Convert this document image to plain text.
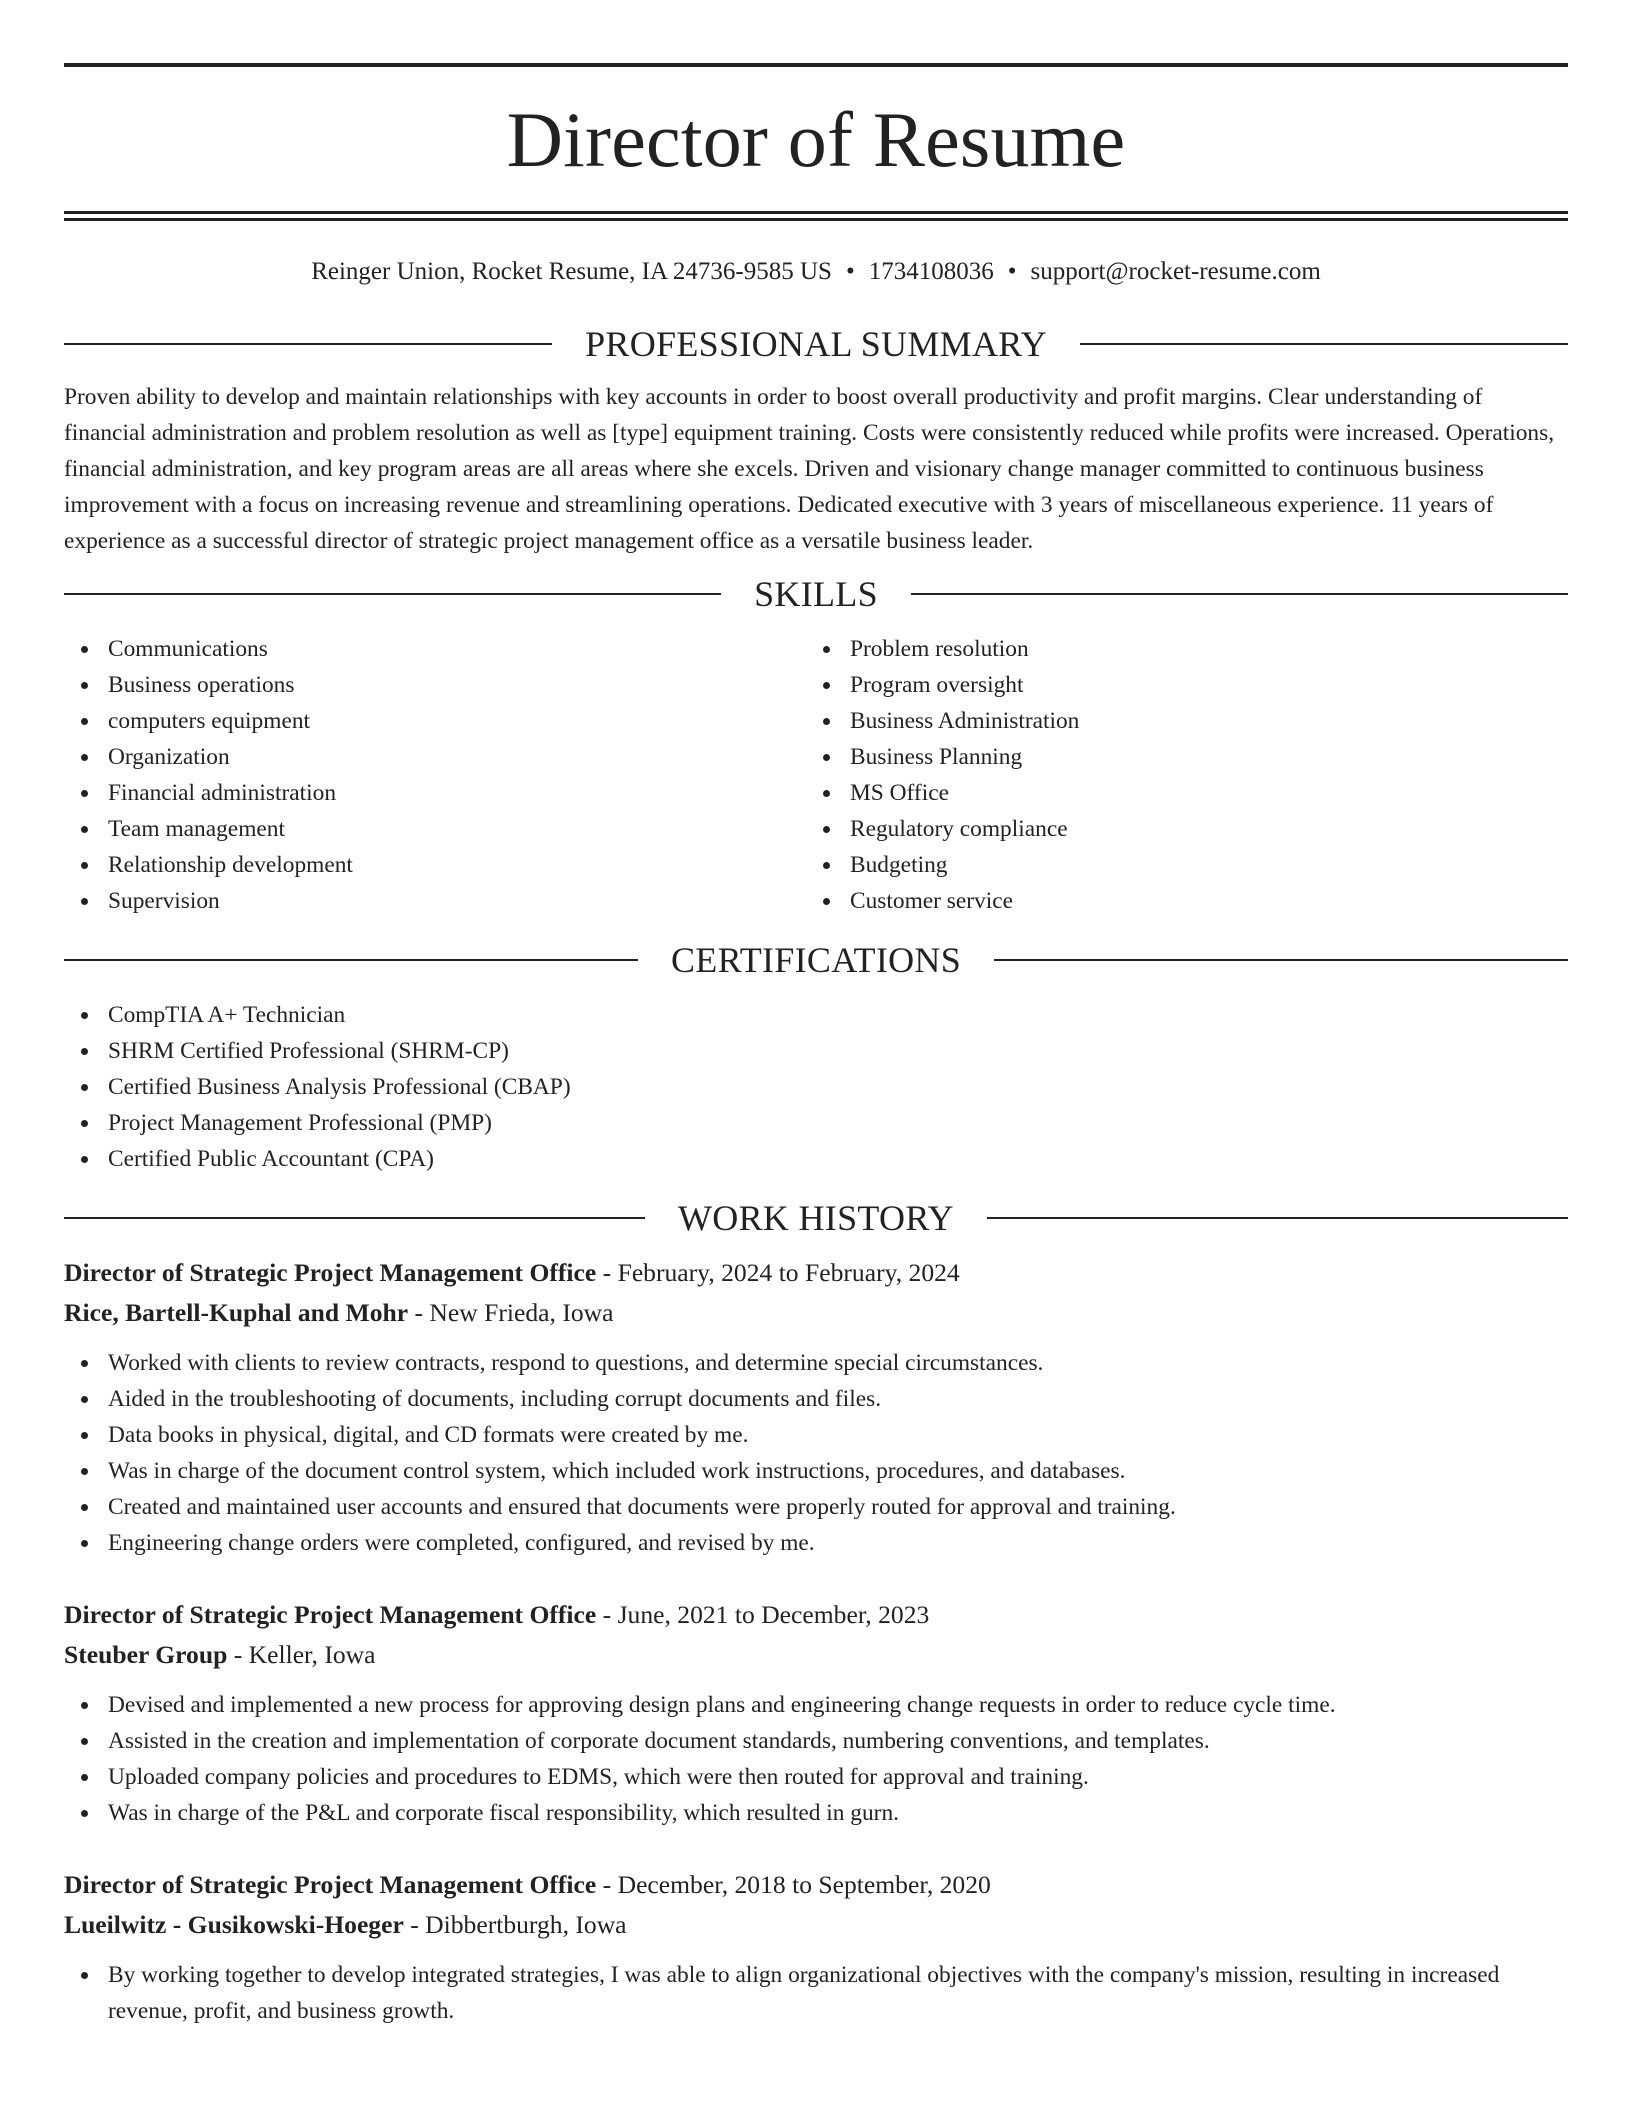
Director of Resume
Reinger Union, Rocket Resume, IA 24736-9585 US • 1734108036 • support@rocket-resume.com
PROFESSIONAL SUMMARY

Proven ability to develop and maintain relationships with key accounts in order to boost overall productivity and profit margins. Clear understanding of financial administration and problem resolution as well as [type] equipment training. Costs were consistently reduced while profits were increased. Operations, financial administration, and key program areas are all areas where she excels. Driven and visionary change manager committed to continuous business improvement with a focus on increasing revenue and streamlining operations. Dedicated executive with 3 years of miscellaneous experience. 11 years of experience as a successful director of strategic project management office as a versatile business leader.

SKILLS
Communications
Business operations
computers equipment
Organization
Financial administration
Team management
Relationship development
Supervision
Problem resolution
Program oversight
Business Administration
Business Planning
MS Office
Regulatory compliance
Budgeting
Customer service
CERTIFICATIONS
CompTIA A+ Technician
SHRM Certified Professional (SHRM-CP)
Certified Business Analysis Professional (CBAP)
Project Management Professional (PMP)
Certified Public Accountant (CPA)
WORK HISTORY
Director of Strategic Project Management Office - February, 2024 to February, 2024
Rice, Bartell-Kuphal and Mohr - New Frieda, Iowa
Worked with clients to review contracts, respond to questions, and determine special circumstances.
Aided in the troubleshooting of documents, including corrupt documents and files.
Data books in physical, digital, and CD formats were created by me.
Was in charge of the document control system, which included work instructions, procedures, and databases.
Created and maintained user accounts and ensured that documents were properly routed for approval and training.
Engineering change orders were completed, configured, and revised by me.
Director of Strategic Project Management Office - June, 2021 to December, 2023
Steuber Group - Keller, Iowa
Devised and implemented a new process for approving design plans and engineering change requests in order to reduce cycle time.
Assisted in the creation and implementation of corporate document standards, numbering conventions, and templates.
Uploaded company policies and procedures to EDMS, which were then routed for approval and training.
Was in charge of the P&L and corporate fiscal responsibility, which resulted in gurn.
Director of Strategic Project Management Office - December, 2018 to September, 2020
Lueilwitz - Gusikowski-Hoeger - Dibbertburgh, Iowa
By working together to develop integrated strategies, I was able to align organizational objectives with the company's mission, resulting in increased revenue, profit, and business growth.
